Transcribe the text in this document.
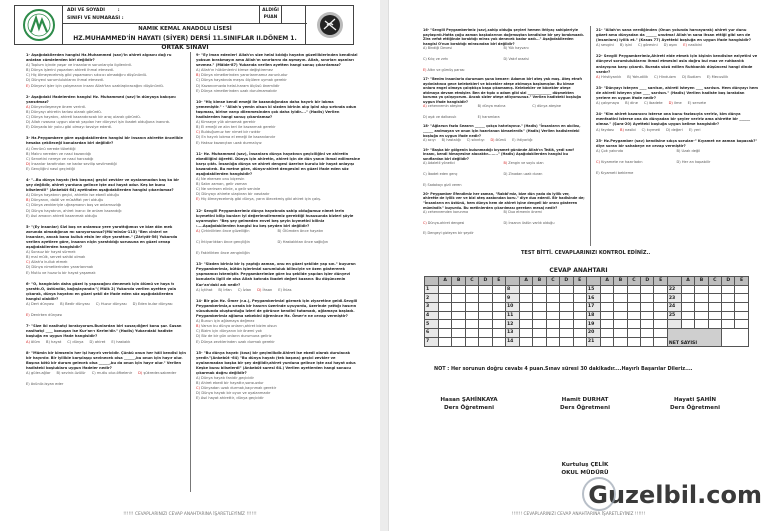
ADI VE SOYADI	:
SINIFI VE NUMARASI :
ALDIĞI
PUAN
NAMIK KEMAL ANADOLU LİSESİ
HZ.MUHAMMED'İN HAYATI (SİYER) DERSİ 11.SINIFLAR II.DÖNEM 1. ORTAK SINAVI
1- Aşağıdakilerden hangisi Hz.Muhammed (sav)'in ahiret algısını doğ ru anlatan cümlelerden biri değildir?
A) Toplum içinde yaşar ve insanların sorunlarıyla ilgilenirdi.
B) Dünya işlerini yaparken ahireti ihmal etmezdi.
C) Hiç ölmeyecekmiş gibi yapamanın sıkıcıcı olmadığını düşünürdü.
D) Dünyevi sorumluluklarını ihmal etmezdi.
E) Dünyevi işler için çalışmanın insanı Allah'tan uzaklaştıracağını düşünürdü.
2- Aşağıdaki ifadelerden hangisi Hz. Muhammed (sav)'in dünyaya bakışını yansıtmaz?
A) Dünyevileşmeye önem verirdi.
B) Dünyayı ahiretin tarlası olarak görürdü.
C) Dünya hayatını, ahireti kazandıracak bir araç olarak görürdü.
D) Allah rızasına uygun olarak yapılan her dünyevi işin ibadet olduğuna inanırdı.
E) Dünyada bir yolcu gibi olmayı tavsiye ederdi.
3- Hz.Peygambere göre aşağıdakilerden hangisi bir insanın ahirette öncelikle hesaba çekileceği konulardan biri değildir?
A) Ömrünü nerede tükettiği
B) Malını nereden ve nasıl kazandığı
C) Servetini nereye ve nasıl harcadığı
D) İnsanlar tarafından ne kadar sevilip sevilmediği
E) Gençliğini nasıl geçirdiği
4- "..Bu dünya hayatı (tek başına) geçici zevkler ve oyalanmadan baş ka bir şey değildir, ahiret yurduna gelince işte asıl hayat odur. Keş ke bunu bilselerdi!" (Ankebût 64) ayetinden aşağıdakilerden hangisi çıkarılamaz?
A) Dünya hayatının geçici, ahiretin ise ebedî olduğu
B) Dünyanın, dalâl ve müsâffat yeri olduğu
C) Dünya zevkleriyle uğraşmanın boş ve anlamsızlığı
D) Dünya hayatının, ahiret inancı ile anlam kazandığı
E) Asıl amacın ahireti kazanmak olduğu
5- "(Ey insanlar) Sizi boş ve anlamsız yere yarattığımızı ve bize dön mek zorunda olmadığınızı mı sanıyorsunuz?(Mü'minûn-115) "Ben cinleri ve insanları, ancak bana kulluk etsin ler diye yarattım." (Zâriyât-56) Yukarıda verilen ayetlere göre, insanın niçin yaratıldığı sorusuna en güzel cevap aşağıdakilerden hangisidir?
A) Sonsuz bir hayat sürmek
B) mal mülk, servet sahibi olmak
C) Allah'a kulluk etmek
D) Dünya nimetlerinden yararlanmak
E) Mutlu ve huzurlu bir hayat yaşamak
6- "O, hanginizin daha güzel iş yapacağını denemek için ölümü ve haya tı yarattı.O, üstündür, bağışlayandır."( Mülk 2) Yukarıda verilen ayetten yola çıkarak, dünya hayatını en güzel şekil de ifade eden söz aşağıdakilerden hangisi olabilir?
A) Dert dünyası B) Bedir dünyası C) Huzur dünyası D) Eden bular dünyası
E) Denirken dünyası
7- "Size iki nasihatçi bırakıyorum.Bunlardan biri susar,diğeri konu şur. Susan nasihatçi ____ konuşan ise Kur'an-ı Kerim'dir." (Hadis) Yukarıdaki hadiste boşluğa en uygun ifade hangisidir?
A) ölüm B) hayat C) dünya D) ahiret E) hastalık
8- "Mümin bir kimsenin her işi hayırlı vericidir. Çünkü onun her hâli kendisi için bir hayırdır. Bir iyilikle karşılaşıp sevinecek olsa ______,bu onun için hayır olur. Başına kötü bir durum gelecek olsa ______,bu da onun için hayır olur." Verilen hadisteki boşluklara uygun ifadeler nedir?
A) güler-ağlar B) sevinir-üzülür C) mutlu olur-öfkelenir D) şükreder-sabreder
E) övünür-isyan eder
9- "Ey iman edenler! Allah'ın size helal kıldığı hayatın güzelliklerinden kendinizi yoksun bırakmayın ama Allah'ın sınırlarını da aşmayın. Allah, sınırları aşanları sevmez." (Mâide-87) Yukarıda verilen ayetten hangi sonuç çıkarılamaz?
A) Allah'ın hükümlerini kimse değiştiremez
B) Dünya nimetlerinden yararlanmamız zorunludur
C) Dünya hayatında meşru ölçülere uymak gerekir
D) Kazancımızda helal-haram ölçüsü önemlidir
E) Dünya nimetlerinden uzak durulmamalıdır
10- "Hiç kimse kendi emeği ile kazandığından daha hayırlı bir lokma yememiştir." - "Allah'a yemin olsun ki sizden birinin alıp ipini alıp sırtında odun taşıması, birine varıp dilenmesinden çok daha iyidir...." (Hadis) Verilen hadislerden hangi sonuç çıkarılamaz?
A) Kimseye yük olmamak gerekir
B) El emeği ve alın teri ile kazanmak gerekir
C) Bulduğumuz her nimet bir rızıktır
D) En hayırlı lokma el emeği ile kazanılandır
E) Haksız kazançtan uzak durmalıyız
11- Hz. Muhammed (sav), İnsanlara dünya hayatının geçiciliğini ve ahiretin ebediliğini öğretti. Dünya için ahiretin, ahiret için de dün yanın ihmal edilmesine karşı çıktı. İnsanlığa dünya ve ahiret dengesi üzerine kurulu bir hayat anlayışı kazandırdı. Bu metne göre, dünya-ahiret dengesini en güzel ifade eden söz aşağıdakilerden hangisidir?
A) Ne ekersen onu biçersin
B) Sabrı zaman, gelir zaman
C) Ne verirsen elinle, o gelir seninle
D) Dünyayı ahirete ulaştıran bir vasıtadır
E) Hiç ölmeyecekmiş gibi dünya, yarın ölecekmiş gibi ahiret için çalış.
12- Sevgili Peygamberimiz dünya hayatında sahip olduğumuz nimet lerin kıymetini bilip bunları iyi değerlendirmemiz gerektiği hususunda bizleri şöyle uyarmıştır: "Beş şey gelmeden evvel beş şeyin kıymetini biliniz :....Aşağıdakilerden hangisi bu beş şeyden biri değildir?
A) Çirkinlikten önce güzelliğin	B) Ölümden önce hayatın
C) İhtiyarlıktan önce gençliğin	D) Hastalıktan önce sağlığın
E) Fakirlikten önce zenginliğin
13- "Sizden biriniz bir iş yaptığı zaman, onu en güzel şekilde yap sın." buyuran Peygamberimiz, bütün işlerimizi sorumluluk bilinciyle ve özen göstererek yapmamızı istemiştir. Peygamberimize göre bu şekilde yapılan işler dünyevi konularla ilgili de olsa Allah katında ibadet değeri kazanır. Bu düşüncenin Kur'an'daki adı nedir?
A) İçtihat B) İrfan C) İzlan D) İhsan E) İhlas
14- Bir gün Hz. Ömer (r.a.), Peygamberimizi görmek için ziyaretine geldi.Sevgili Peygamberimiz,o sırada bir hasırın üzerinde uyuyordu, üzerinde yattığı hasırın vücudunda oluşturduğu izleri de görünce kendini tutamadı, ağlamaya başladı. Peygamberimiz ağlama sebebini öğrenince Hz. Ömer'e ne cevap vermiştir?
A) Bunun için ağlamaya değmez
B) Varsın bu dünya onların,ahiret bizim olsun
C) Bizim için dünyanın bir önemi yok
D) Biz de bir gün onların durumuna geliriz
E) Dünya zevklerinden uzak durmalı gerekir
15- "Bu dünya hayatı (kısa) bir geçimlikdir.Ahiret ise ebedî olarak durulacak yerdir."(Ankebût -64) "Bu dünya hayatı (tek başına) geçici zevkler ve oyalanmadan başka bir şey değildir,ahiret yurduna gelince işte asıl hayat odur. Keşke bunu bilselerdi" (Ankebût suresi 64.) Verilen ayetlerden hangi sonucu çıkarmak doğru değildir?
A) Dünya hayatı fanidir,geçicidir
B) Ahiret ebedi bir hayattır,sonsuzdur
C) Dünyadan uzak durmak,kaçınmak gerekir
D) Dünya hayatı bir oyun ve oyalanmadır
E) Asıl hayat ahirettir, dünya geçicidir
!!!!!! CEVAPLARINIZI CEVAP ANAHTARINA İŞARETLEYİNİZ !!!!!!
16- "Sevgili Peygamberimiz (sav),sahip olduğu şeyleri hemen ihtiyaç sahipleriyle paylaşırdı.Hatta çoğu zaman başkalarının doğrmuştan kendisine bir şey bırakmazdı. Zira vefat ettiğinde bıraktığı miras yok denecek kadar azdı..." Aşağıdakilerden hangisi O'nun bıraktığı mirasından biri değildir?
A) Bindiği Devesi	B) Yük hayvanı
C) Kılıç ve zırhı	D) Vakıf arazisi
E) Altın ve gümüş parası
17- "Benim insanlarla durumum şuna benzer: Adamın biri ateş yak maş. Ateş etrafı aydınlatınca gece kelebekleri ve böcekler ateşe atılmaya başlamışlar. Bu kimse onlara engel olmaya çalıştıkça başa çıkamamış. Kelebekler ve böcekler ateşe atılmaya devam etmişler. Ben de tıpkı o adam gibi sizi ______________ düşmekten koruma ya çalışıyorum. Ancak sizler ateşe atlıyorsunuz." Verilen hadisteki boşluğa uygun ifade hangisidir?
A) cehennemin ateşine	B) dünya malına	C) dünya ateşine
D) aşık ve dalkavuk	E) haramlara
18- "Ağlarsın fazla Sezarın ______ çokça hatırlayınız." (Hadis) "İnsanların en akıllısı, ______ anılmayan ve onun için hazırlanan kimselerdir." (Hadis) Verilen hadislerdeki boşluğa en uygun ifade nedir?
A) acıyı B) hastalığı C) sıkıntıyı D) ölümü E) ihtiyarlığı
19- "Başka bir gölgenin bulunmadığı kıyamet gününde Allah'ın Teâlâ, yedi sınıf insanı, kendi himayesine alacaktır........" (Hadis) Aşağıdakilerden hangisi bu sınıflardan biri değildir?
A) Adaletli yönetici	B) Zengin ve soylu olan
C) İbadet eden genç	D) Zinadan uzak duran
E) Sadakayı gizli veren
20- Peygamber Efendimiz her zaman, "Rabbi'miz, bize dün yada da iyilik ver, ahirette de iyilik ver ve bizi ateş azabından koru." diye dua ederdi. Bir hadisinde de; "İnsanların en üstünü, hem dünya hem de ahiret işine dengeli bir oranı gösteren mümindir." buyurdu. Bu metinlerden çıkarılması gereken mesaj nedir?
A) cehennemden korunma	B) Dua etmenin önemi
C) Dünya-ahiret dengesi	D) İnsanın üstün varlık olduğu
E) Dengeyi gizleyen bir şeydir
21- "Allah'ın sana verdiğinden (Onun yolunda harcayarak) ahiret yur dunu gözet ama dünyadan da ______ unutma! Allah'ın sana ihsan ettiği gibi sen de (insanlara) iyilik et." (Kasas 77) Ayetteki boşluğa en uygun ifade hangisidir?
A) sevgini B) işini C) görevini D) aşını E) nasibini
22- Sevgili Peygamberimiz,Ahireti elde etmek için kişinin kendisine eziyetini ve dünyevi sorumluluklarını ihmal etmesini asla doğru bul maz ve ruhbanlık anlayışına karşı çıkardı. Burada sözü edilen Ruhbanlık düşüncesi hangi dinde vardır?
A) Hristiyanlık B) Yahudilik C) Hinduizm D) Budizm E) Mecusilik
23- "Dünyayı isteyen ____ sarılsın, ahireti isteyen ____ sarılsın. Hem dünyayı hem de ahireti isteyen yine ____ sarılsın." (Hadis) Verilen hadiste boş larakdan yerlere en uygun ifade nedir?
A) çalışmaya B) dine C) ibadete D) ilme E) servete
24- "Kim ahiret kazancını isterse ona bunu fazlasıyla veririz, kim dünya menfaatini isterse ona da dünyadan bir şeyler veririz ama ahirette bir ______ olmaz." (Şura-20) Ayetteki boşluğa uygun kelime hangisidir?
A) faydası B) nasibi C) kıymeti D) değeri E) yeri
25- Hz.Peygamber (sav) kendisine sıkça sorulan-" Kıyamet ne zaman kopacak?" diye soran bir sahabeye ne cevap vermiştir?
A) Çok yakında	B) Uzak değil
C) Kıyamete ne hazırladın	D) Her an kopabilir
E) Kıyameti bekleme
TEST BİTTİ. CEVAPLARINIZI KONTROL EDİNİZ..
CEVAP ANAHTARI
	A	B	C	D	E		A	B	C	D	E		A	B	C	D	E		A	B	C	D	E
1						8						15						22					
2						9						16						23					
3						10						17						24					
4						11						18						25					
5						12						19											
6						13						20						NET SAYISI					
7						14						21											
NOT : Her sorunun doğru cevabı 4 puan.Sınav süresi 30 dakikadır....Hayırlı Başarılar Dileriz....
Hasan ŞAHİNKAYA
Ders Öğretmeni
Hamit DURHAT
Ders Öğretmeni
Hayati ŞAHİN
Ders Öğretmeni
Kurtuluş ÇELİK
OKUL MÜDÜRÜ
!!!!!! CEVAPLARINIZI CEVAP ANAHTARINA İŞARETLEYİNİZ !!!!!!
Guzelbil.com
